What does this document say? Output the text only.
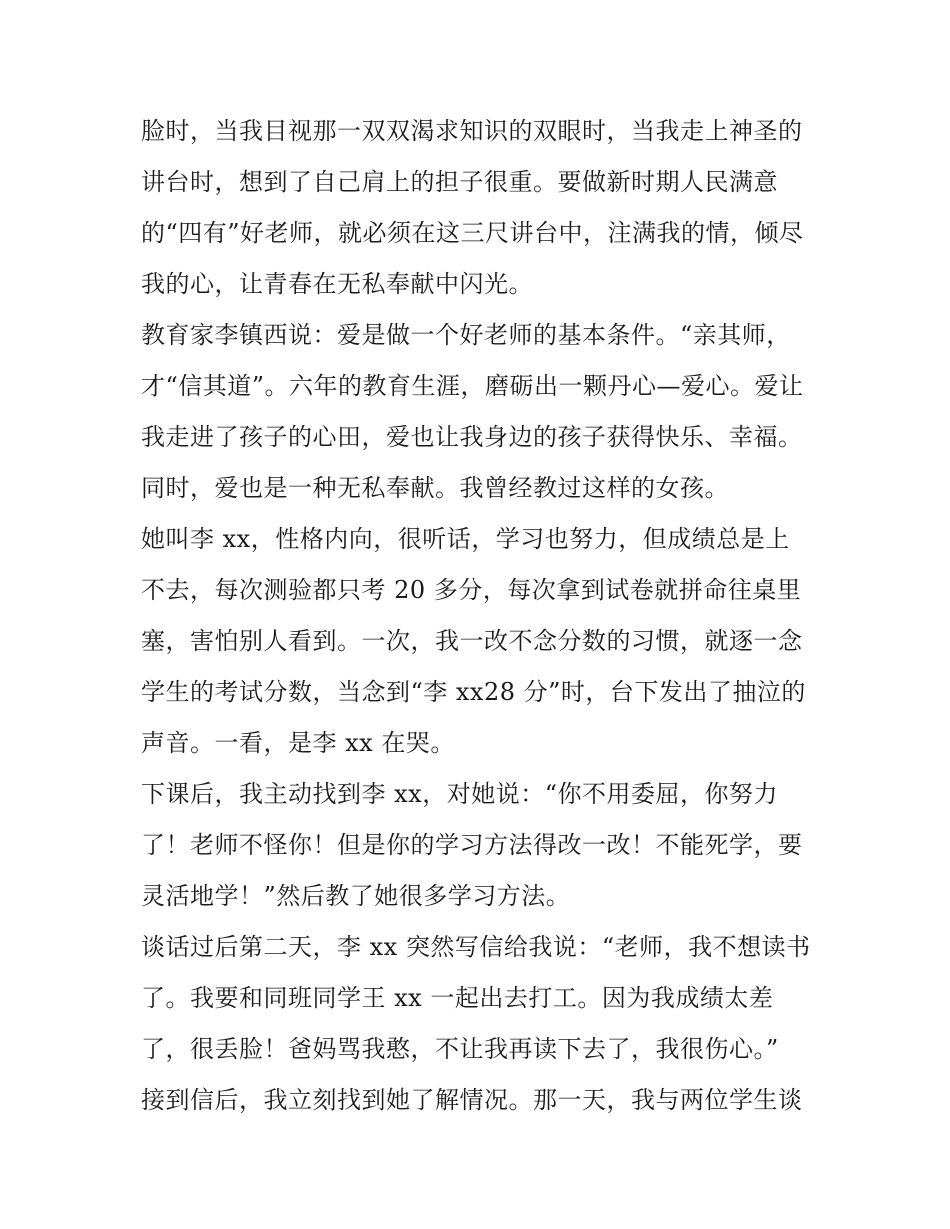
脸时，当我目视那一双双渴求知识的双眼时，当我走上神圣的
讲台时，想到了自己肩上的担子很重。要做新时期人民满意
的“四有”好老师，就必须在这三尺讲台中，注满我的情，倾尽
我的心，让青春在无私奉献中闪光。
教育家李镇西说：爱是做一个好老师的基本条件。“亲其师，
才“信其道”。六年的教育生涯，磨砺出一颗丹心—爱心。爱让
我走进了孩子的心田，爱也让我身边的孩子获得快乐、幸福。
同时，爱也是一种无私奉献。我曾经教过这样的女孩。
她叫李 xx，性格内向，很听话，学习也努力，但成绩总是上
不去，每次测验都只考 20 多分，每次拿到试卷就拼命往桌里
塞，害怕别人看到。一次，我一改不念分数的习惯，就逐一念
学生的考试分数，当念到“李 xx28 分”时，台下发出了抽泣的
声音。一看，是李 xx 在哭。
下课后，我主动找到李 xx，对她说：“你不用委屈，你努力
了！老师不怪你！但是你的学习方法得改一改！不能死学，要
灵活地学！”然后教了她很多学习方法。
谈话过后第二天，李 xx 突然写信给我说：“老师，我不想读书
了。我要和同班同学王 xx 一起出去打工。因为我成绩太差
了，很丢脸！爸妈骂我憨，不让我再读下去了，我很伤心。”
接到信后，我立刻找到她了解情况。那一天，我与两位学生谈
